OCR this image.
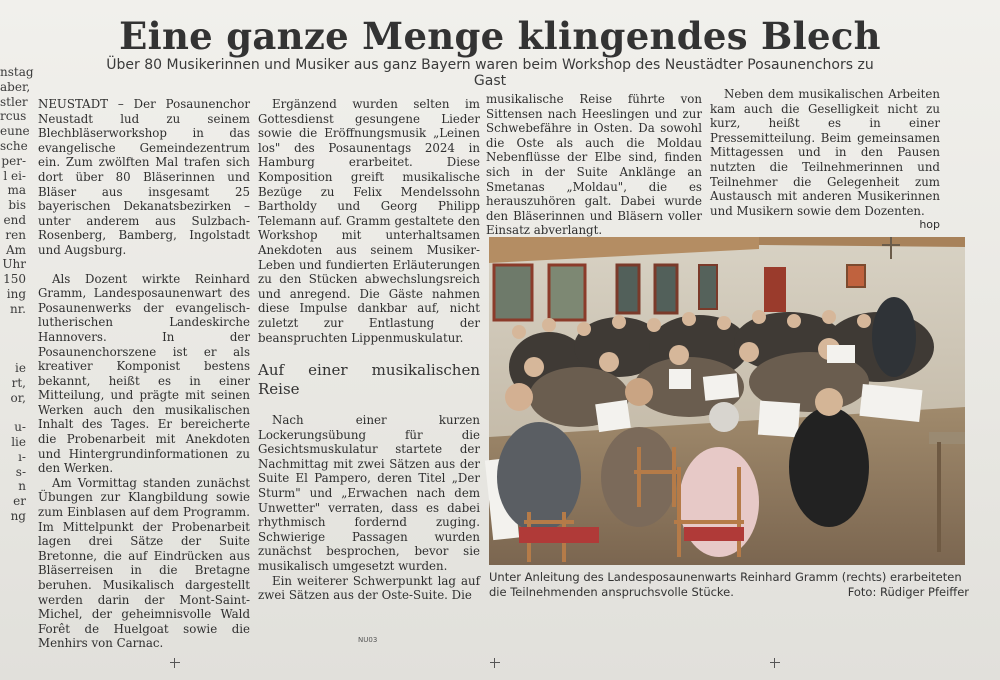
nstag
aber,
stler
rcus
eune
sche
per-
l ei-
ma
bis
end
ren
Am
Uhr
150
ing
nr.

ie
rt,
or,

u-
lie
ı-
s-
n
er
ng
Eine ganze Menge klingendes Blech
Über 80 Musikerinnen und Musiker aus ganz Bayern waren beim Workshop des Neustädter Posaunenchors zu Gast

NEUSTADT – Der Posaunenchor Neustadt lud zu seinem Blechbläserworkshop in das evangelische Gemeindezentrum ein. Zum zwölften Mal trafen sich dort über 80 Bläserinnen und Bläser aus insgesamt 25 bayerischen Dekanatsbezirken – unter anderem aus Sulzbach-Rosenberg, Bamberg, Ingolstadt und Augsburg.

Als Dozent wirkte Reinhard Gramm, Landesposaunenwart des Posaunenwerks der evangelisch-lutherischen Landeskirche Hannovers. In der Posaunenchorszene ist er als kreativer Komponist bestens bekannt, heißt es in einer Mitteilung, und prägte mit seinen Werken auch den musikalischen Inhalt des Tages. Er bereicherte die Probenarbeit mit Anekdoten und Hintergrundinformationen zu den Werken.

Am Vormittag standen zunächst Übungen zur Klangbildung sowie zum Einblasen auf dem Programm. Im Mittelpunkt der Probenarbeit lagen drei Sätze der Suite Bretonne, die auf Eindrücken aus Bläserreisen in die Bretagne beruhen. Musikalisch dargestellt werden darin der Mont-Saint-Michel, der geheimnisvolle Wald Forêt de Huelgoat sowie die Menhirs von Carnac.

Ergänzend wurden selten im Gottesdienst gesungene Lieder sowie die Eröffnungsmusik „Leinen los" des Posaunentags 2024 in Hamburg erarbeitet. Diese Komposition greift musikalische Bezüge zu Felix Mendelssohn Bartholdy und Georg Philipp Telemann auf. Gramm gestaltete den Workshop mit unterhaltsamen Anekdoten aus seinem Musiker-Leben und fundierten Erläuterungen zu den Stücken abwechslungsreich und anregend. Die Gäste nahmen diese Impulse dankbar auf, nicht zuletzt zur Entlastung der beanspruchten Lippenmuskulatur.

Auf einer musikalischen Reise

Nach einer kurzen Lockerungsübung für die Gesichtsmuskulatur startete der Nachmittag mit zwei Sätzen aus der Suite El Pampero, deren Titel „Der Sturm" und „Erwachen nach dem Unwetter" verraten, dass es dabei rhythmisch fordernd zuging. Schwierige Passagen wurden zunächst besprochen, bevor sie musikalisch umgesetzt wurden.

Ein weiterer Schwerpunkt lag auf zwei Sätzen aus der Oste-Suite. Die

musikalische Reise führte von Sittensen nach Heeslingen und zur Schwebefähre in Osten. Da sowohl die Oste als auch die Moldau Nebenflüsse der Elbe sind, finden sich in der Suite Anklänge an Smetanas „Moldau", die es herauszuhören galt. Dabei wurde den Bläserinnen und Bläsern voller Einsatz abverlangt.

Neben dem musikalischen Arbeiten kam auch die Geselligkeit nicht zu kurz, heißt es in einer Pressemitteilung. Beim gemeinsamen Mittagessen und in den Pausen nutzten die Teilnehmerinnen und Teilnehmer die Gelegenheit zum Austausch mit anderen Musikerinnen und Musikern sowie dem Dozenten.

hop
Unter Anleitung des Landesposaunenwarts Reinhard Gramm (rechts) erarbeiteten die Teilnehmenden anspruchsvolle Stücke.	Foto: Rüdiger Pfeiffer
NU03
